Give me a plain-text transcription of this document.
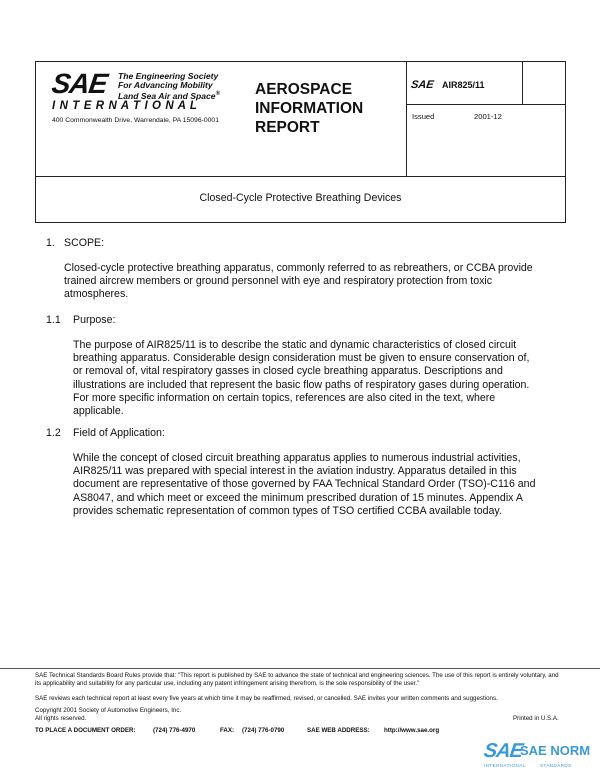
SAE The Engineering Society
For Advancing Mobility
Land Sea Air and Space®
I N T E R N A T I O N A L
400 Commonwealth Drive, Warrendale, PA 15096-0001
AEROSPACE
INFORMATION
REPORT
SAE AIR825/11
Issued	2001-12
Closed-Cycle Protective Breathing Devices
1. SCOPE:
Closed-cycle protective breathing apparatus, commonly referred to as rebreathers, or CCBA provide
trained aircrew members or ground personnel with eye and respiratory protection from toxic
atmospheres.
1.1 Purpose:
The purpose of AIR825/11 is to describe the static and dynamic characteristics of closed circuit
breathing apparatus. Considerable design consideration must be given to ensure conservation of,
or removal of, vital respiratory gasses in closed cycle breathing apparatus. Descriptions and
illustrations are included that represent the basic flow paths of respiratory gases during operation.
For more specific information on certain topics, references are also cited in the text, where
applicable.
1.2 Field of Application:
While the concept of closed circuit breathing apparatus applies to numerous industrial activities,
AIR825/11 was prepared with special interest in the aviation industry. Apparatus detailed in this
document are representative of those governed by FAA Technical Standard Order (TSO)-C116 and
AS8047, and which meet or exceed the minimum prescribed duration of 15 minutes. Appendix A
provides schematic representation of common types of TSO certified CCBA available today.
SAE Technical Standards Board Rules provide that: "This report is published by SAE to advance the state of technical and engineering sciences. The use of this report is entirely voluntary, and its applicability and suitability for any particular use, including any patent infringement arising therefrom, is the sole responsibility of the user."
SAE reviews each technical report at least every five years at which time it may be reaffirmed, revised, or cancelled. SAE invites your written comments and suggestions.
Copyright 2001 Society of Automotive Engineers, Inc.
All rights reserved.	Printed in U.S.A.
TO PLACE A DOCUMENT ORDER:	(724) 776-4970	FAX: (724) 776-0790	SAE WEB ADDRESS: http://www.sae.org
SAE
SAE NORM
INTERNATIONAL	STANDARDS
